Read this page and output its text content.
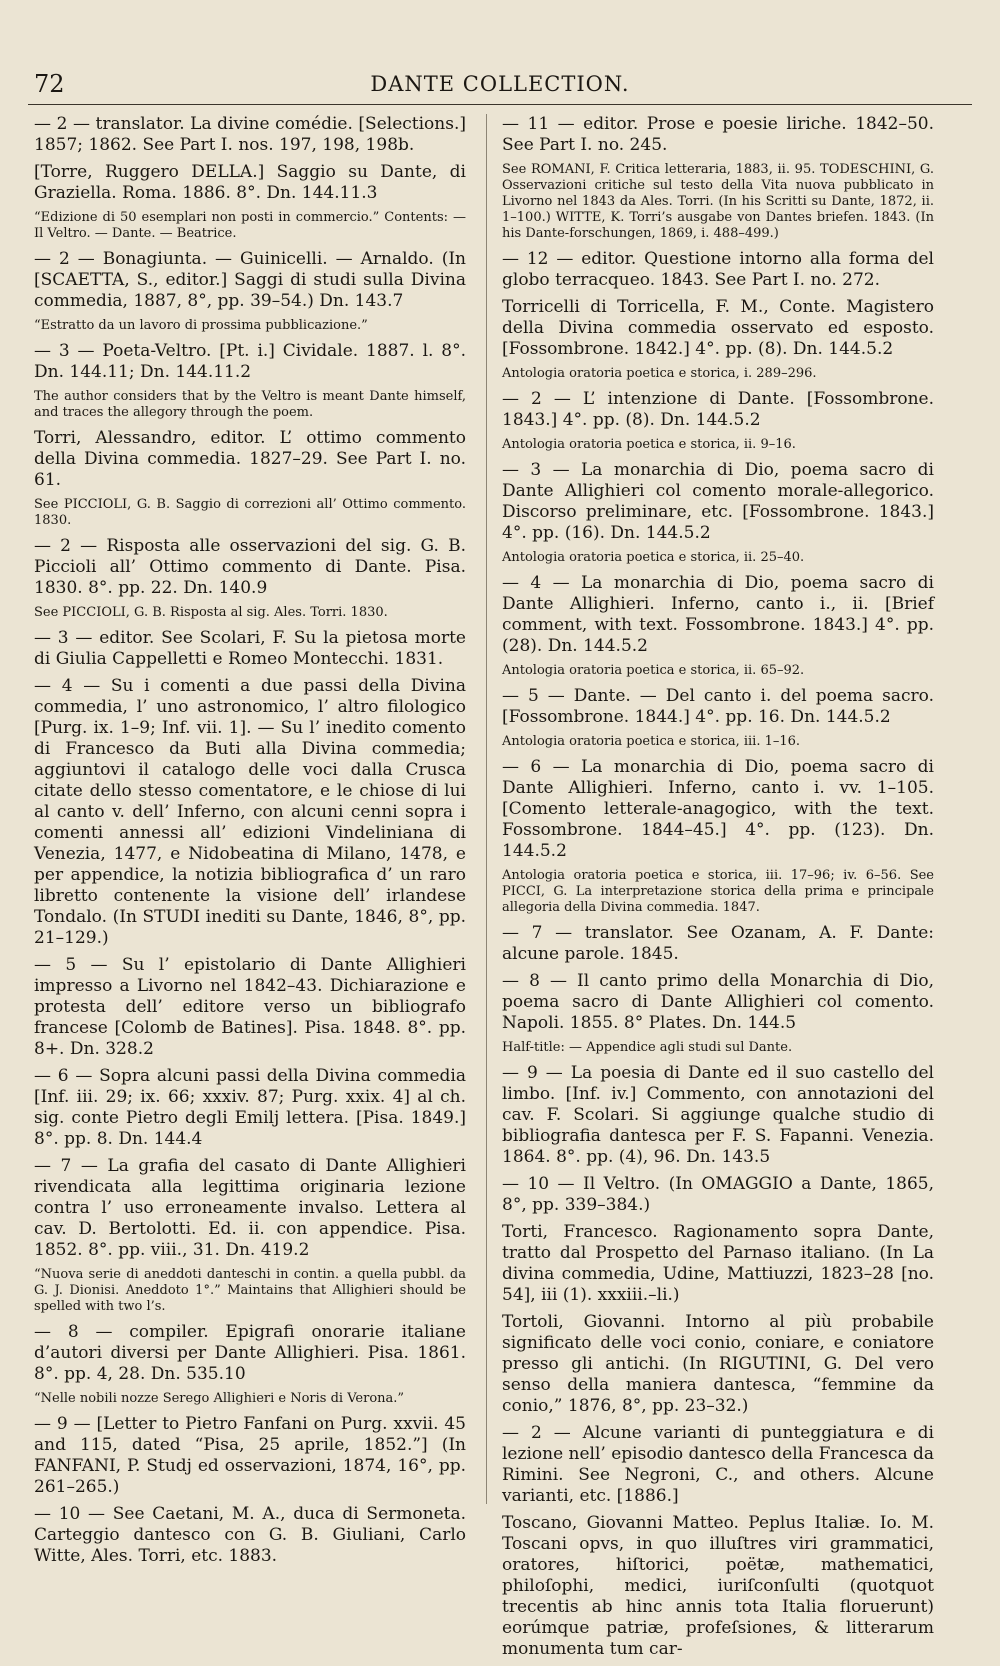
72	DANTE COLLECTION.

— 2 — translator. La divine comédie. [Selections.] 1857; 1862. See Part I. nos. 197, 198, 198b.

[Torre, Ruggero DELLA.] Saggio su Dante, di Graziella. Roma. 1886. 8°. Dn. 144.11.3

“Edizione di 50 esemplari non posti in commercio.” Contents: — Il Veltro. — Dante. — Beatrice.

— 2 — Bonagiunta. — Guinicelli. — Arnaldo. (In [SCAETTA, S., editor.] Saggi di studi sulla Divina commedia, 1887, 8°, pp. 39–54.) Dn. 143.7

“Estratto da un lavoro di prossima pubblicazione.”

— 3 — Poeta-Veltro. [Pt. i.] Cividale. 1887. l. 8°. Dn. 144.11; Dn. 144.11.2

The author considers that by the Veltro is meant Dante himself, and traces the allegory through the poem.

Torri, Alessandro, editor. L’ ottimo commento della Divina commedia. 1827–29. See Part I. no. 61.

See PICCIOLI, G. B. Saggio di correzioni all’ Ottimo commento. 1830.

— 2 — Risposta alle osservazioni del sig. G. B. Piccioli all’ Ottimo commento di Dante. Pisa. 1830. 8°. pp. 22. Dn. 140.9

See PICCIOLI, G. B. Risposta al sig. Ales. Torri. 1830.

— 3 — editor. See Scolari, F. Su la pietosa morte di Giulia Cappelletti e Romeo Montecchi. 1831.

— 4 — Su i comenti a due passi della Divina commedia, l’ uno astronomico, l’ altro filologico [Purg. ix. 1–9; Inf. vii. 1]. — Su l’ inedito comento di Francesco da Buti alla Divina commedia; aggiuntovi il catalogo delle voci dalla Crusca citate dello stesso comentatore, e le chiose di lui al canto v. dell’ Inferno, con alcuni cenni sopra i comenti annessi all’ edizioni Vindeliniana di Venezia, 1477, e Nidobeatina di Milano, 1478, e per appendice, la notizia bibliografica d’ un raro libretto contenente la visione dell’ irlandese Tondalo. (In STUDI inediti su Dante, 1846, 8°, pp. 21–129.)

— 5 — Su l’ epistolario di Dante Allighieri impresso a Livorno nel 1842–43. Dichiarazione e protesta dell’ editore verso un bibliografo francese [Colomb de Batines]. Pisa. 1848. 8°. pp. 8+. Dn. 328.2

— 6 — Sopra alcuni passi della Divina commedia [Inf. iii. 29; ix. 66; xxxiv. 87; Purg. xxix. 4] al ch. sig. conte Pietro degli Emilj lettera. [Pisa. 1849.] 8°. pp. 8. Dn. 144.4

— 7 — La grafia del casato di Dante Allighieri rivendicata alla legittima originaria lezione contra l’ uso erroneamente invalso. Lettera al cav. D. Bertolotti. Ed. ii. con appendice. Pisa. 1852. 8°. pp. viii., 31. Dn. 419.2

“Nuova serie di aneddoti danteschi in contin. a quella pubbl. da G. J. Dionisi. Aneddoto 1°.” Maintains that Allighieri should be spelled with two l’s.

— 8 — compiler. Epigrafi onorarie italiane d’autori diversi per Dante Allighieri. Pisa. 1861. 8°. pp. 4, 28. Dn. 535.10

“Nelle nobili nozze Serego Allighieri e Noris di Verona.”

— 9 — [Letter to Pietro Fanfani on Purg. xxvii. 45 and 115, dated “Pisa, 25 aprile, 1852.”] (In FANFANI, P. Studj ed osservazioni, 1874, 16°, pp. 261–265.)

— 10 — See Caetani, M. A., duca di Sermoneta. Carteggio dantesco con G. B. Giuliani, Carlo Witte, Ales. Torri, etc. 1883.

— 11 — editor. Prose e poesie liriche. 1842–50. See Part I. no. 245.

See ROMANI, F. Critica letteraria, 1883, ii. 95. TODESCHINI, G. Osservazioni critiche sul testo della Vita nuova pubblicato in Livorno nel 1843 da Ales. Torri. (In his Scritti su Dante, 1872, ii. 1–100.) WITTE, K. Torri’s ausgabe von Dantes briefen. 1843. (In his Dante-forschungen, 1869, i. 488–499.)

— 12 — editor. Questione intorno alla forma del globo terracqueo. 1843. See Part I. no. 272.

Torricelli di Torricella, F. M., Conte. Magistero della Divina commedia osservato ed esposto. [Fossombrone. 1842.] 4°. pp. (8). Dn. 144.5.2

Antologia oratoria poetica e storica, i. 289–296.

— 2 — L’ intenzione di Dante. [Fossombrone. 1843.] 4°. pp. (8). Dn. 144.5.2

Antologia oratoria poetica e storica, ii. 9–16.

— 3 — La monarchia di Dio, poema sacro di Dante Allighieri col comento morale-allegorico. Discorso preliminare, etc. [Fossombrone. 1843.] 4°. pp. (16). Dn. 144.5.2

Antologia oratoria poetica e storica, ii. 25–40.

— 4 — La monarchia di Dio, poema sacro di Dante Allighieri. Inferno, canto i., ii. [Brief comment, with text. Fossombrone. 1843.] 4°. pp. (28). Dn. 144.5.2

Antologia oratoria poetica e storica, ii. 65–92.

— 5 — Dante. — Del canto i. del poema sacro. [Fossombrone. 1844.] 4°. pp. 16. Dn. 144.5.2

Antologia oratoria poetica e storica, iii. 1–16.

— 6 — La monarchia di Dio, poema sacro di Dante Allighieri. Inferno, canto i. vv. 1–105. [Comento letterale-anagogico, with the text. Fossombrone. 1844–45.] 4°. pp. (123). Dn. 144.5.2

Antologia oratoria poetica e storica, iii. 17–96; iv. 6–56. See PICCI, G. La interpretazione storica della prima e principale allegoria della Divina commedia. 1847.

— 7 — translator. See Ozanam, A. F. Dante: alcune parole. 1845.

— 8 — Il canto primo della Monarchia di Dio, poema sacro di Dante Allighieri col comento. Napoli. 1855. 8° Plates. Dn. 144.5

Half-title: — Appendice agli studi sul Dante.

— 9 — La poesia di Dante ed il suo castello del limbo. [Inf. iv.] Commento, con annotazioni del cav. F. Scolari. Si aggiunge qualche studio di bibliografia dantesca per F. S. Fapanni. Venezia. 1864. 8°. pp. (4), 96. Dn. 143.5

— 10 — Il Veltro. (In OMAGGIO a Dante, 1865, 8°, pp. 339–384.)

Torti, Francesco. Ragionamento sopra Dante, tratto dal Prospetto del Parnaso italiano. (In La divina commedia, Udine, Mattiuzzi, 1823–28 [no. 54], iii (1). xxxiii.–li.)

Tortoli, Giovanni. Intorno al più probabile significato delle voci conio, coniare, e coniatore presso gli antichi. (In RIGUTINI, G. Del vero senso della maniera dantesca, “femmine da conio,” 1876, 8°, pp. 23–32.)

— 2 — Alcune varianti di punteggiatura e di lezione nell’ episodio dantesco della Francesca da Rimini. See Negroni, C., and others. Alcune varianti, etc. [1886.]

Toscano, Giovanni Matteo. Peplus Italiæ. Io. M. Toscani opvs, in quo illuſtres viri grammatici, oratores, hiſtorici, poëtæ, mathematici, philoſophi, medici, iuriſconſulti (quotquot trecentis ab hinc annis tota Italia floruerunt) eorúmque patriæ, profeſsiones, & litterarum monumenta tum car-
